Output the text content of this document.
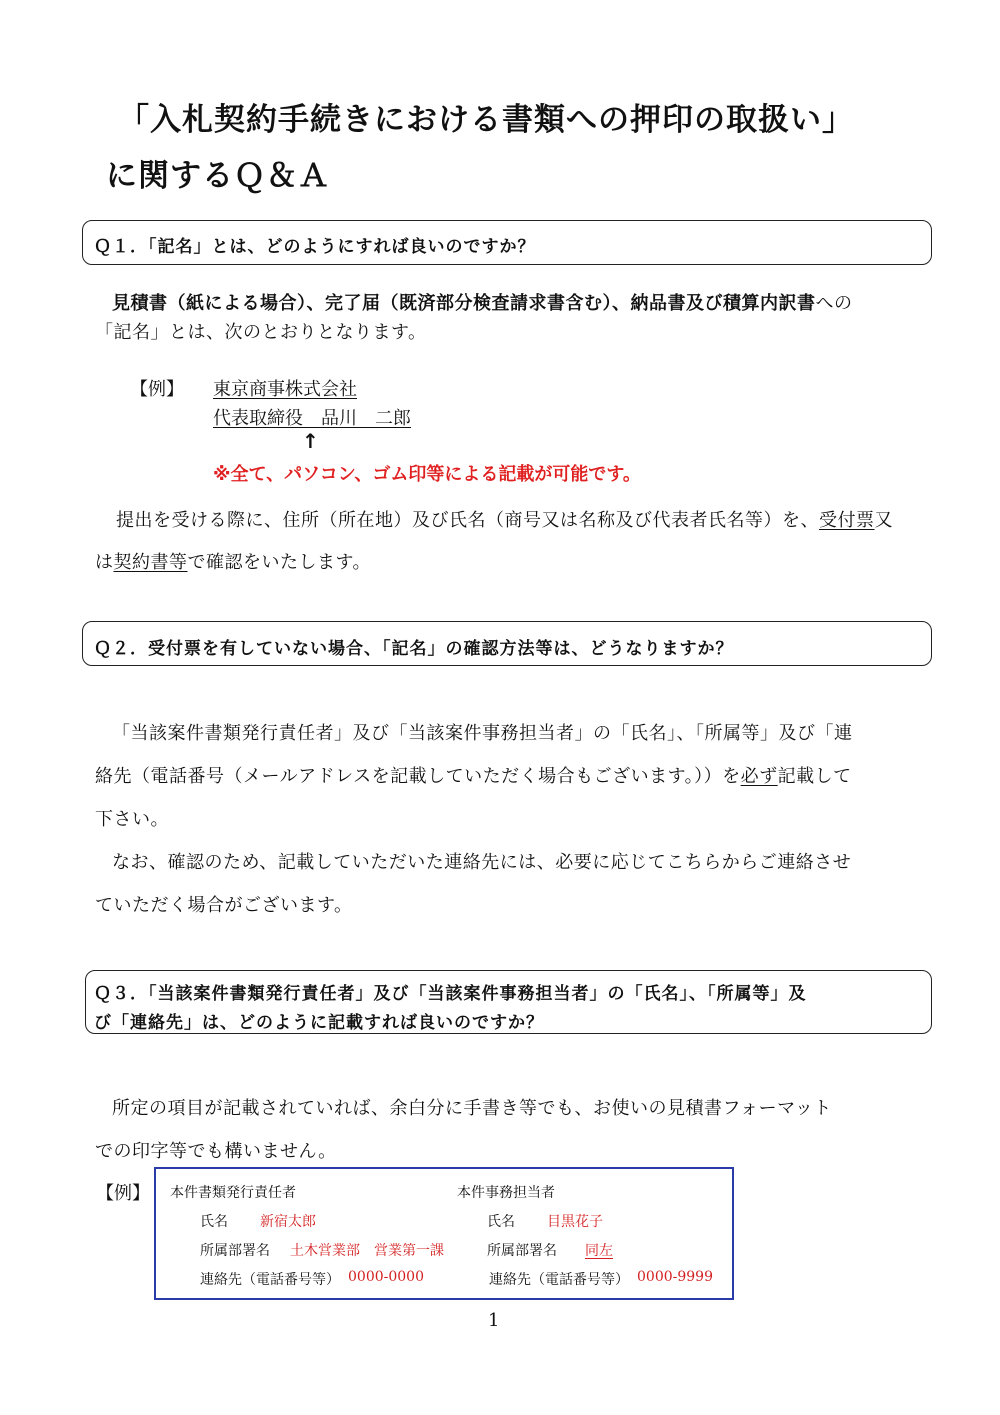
「入札契約手続きにおける書類への押印の取扱い」
に関するＱ＆Ａ
Ｑ１．「記名」とは、どのようにすれば良いのですか？
見積書（紙による場合）、完了届（既済部分検査請求書含む）、納品書及び積算内訳書への
「記名」とは、次のとおりとなります。
【例】 東京商事株式会社
代表取締役　品川　二郎
↑
※全て、パソコン、ゴム印等による記載が可能です。
提出を受ける際に、住所（所在地）及び氏名（商号又は名称及び代表者氏名等）を、受付票又
は契約書等で確認をいたします。
Ｑ２．受付票を有していない場合、「記名」の確認方法等は、どうなりますか？
「当該案件書類発行責任者」及び「当該案件事務担当者」の「氏名」、「所属等」及び「連
絡先（電話番号（メールアドレスを記載していただく場合もございます。））を必ず記載して
下さい。
なお、確認のため、記載していただいた連絡先には、必要に応じてこちらからご連絡させ
ていただく場合がございます。
Ｑ３．「当該案件書類発行責任者」及び「当該案件事務担当者」の「氏名」、「所属等」及
び「連絡先」は、どのように記載すれば良いのですか？
所定の項目が記載されていれば、余白分に手書き等でも、お使いの見積書フォーマット
での印字等でも構いません。
【例】 本件書類発行責任者	本件事務担当者
氏名 新宿太郎	氏名 目黒花子
所属部署名 土木営業部　営業第一課	所属部署名 同左
連絡先（電話番号等） 0000-0000	連絡先（電話番号等） 0000-9999
1
